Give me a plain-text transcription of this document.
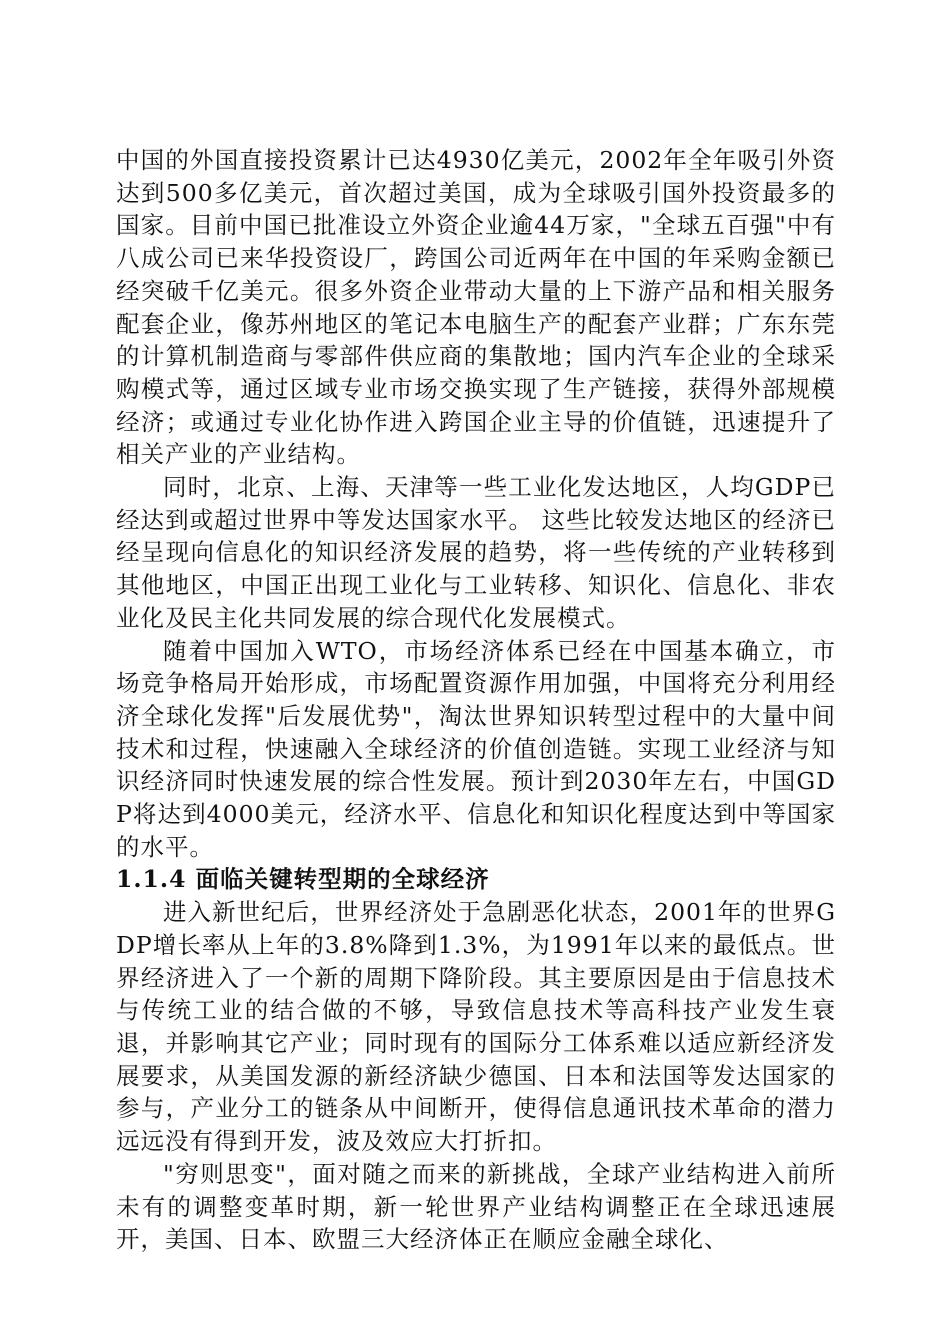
中国的外国直接投资累计已达4930亿美元，2002年全年吸引外资达到500多亿美元，首次超过美国，成为全球吸引国外投资最多的国家。目前中国已批准设立外资企业逾44万家，"全球五百强"中有八成公司已来华投资设厂，跨国公司近两年在中国的年采购金额已经突破千亿美元。很多外资企业带动大量的上下游产品和相关服务配套企业，像苏州地区的笔记本电脑生产的配套产业群；广东东莞的计算机制造商与零部件供应商的集散地；国内汽车企业的全球采购模式等，通过区域专业市场交换实现了生产链接，获得外部规模经济；或通过专业化协作进入跨国企业主导的价值链，迅速提升了相关产业的产业结构。

同时，北京、上海、天津等一些工业化发达地区，人均GDP已经达到或超过世界中等发达国家水平。 这些比较发达地区的经济已经呈现向信息化的知识经济发展的趋势，将一些传统的产业转移到其他地区，中国正出现工业化与工业转移、知识化、信息化、非农业化及民主化共同发展的综合现代化发展模式。

随着中国加入WTO，市场经济体系已经在中国基本确立，市场竞争格局开始形成，市场配置资源作用加强，中国将充分利用经济全球化发挥"后发展优势"，淘汰世界知识转型过程中的大量中间技术和过程，快速融入全球经济的价值创造链。实现工业经济与知识经济同时快速发展的综合性发展。预计到2030年左右，中国GDP将达到4000美元，经济水平、信息化和知识化程度达到中等国家的水平。

1.1.4 面临关键转型期的全球经济

进入新世纪后，世界经济处于急剧恶化状态，2001年的世界GDP增长率从上年的3.8%降到1.3%，为1991年以来的最低点。世界经济进入了一个新的周期下降阶段。其主要原因是由于信息技术与传统工业的结合做的不够，导致信息技术等高科技产业发生衰退，并影响其它产业；同时现有的国际分工体系难以适应新经济发展要求，从美国发源的新经济缺少德国、日本和法国等发达国家的参与，产业分工的链条从中间断开，使得信息通讯技术革命的潜力远远没有得到开发，波及效应大打折扣。

"穷则思变"，面对随之而来的新挑战，全球产业结构进入前所未有的调整变革时期，新一轮世界产业结构调整正在全球迅速展开，美国、日本、欧盟三大经济体正在顺应金融全球化、
